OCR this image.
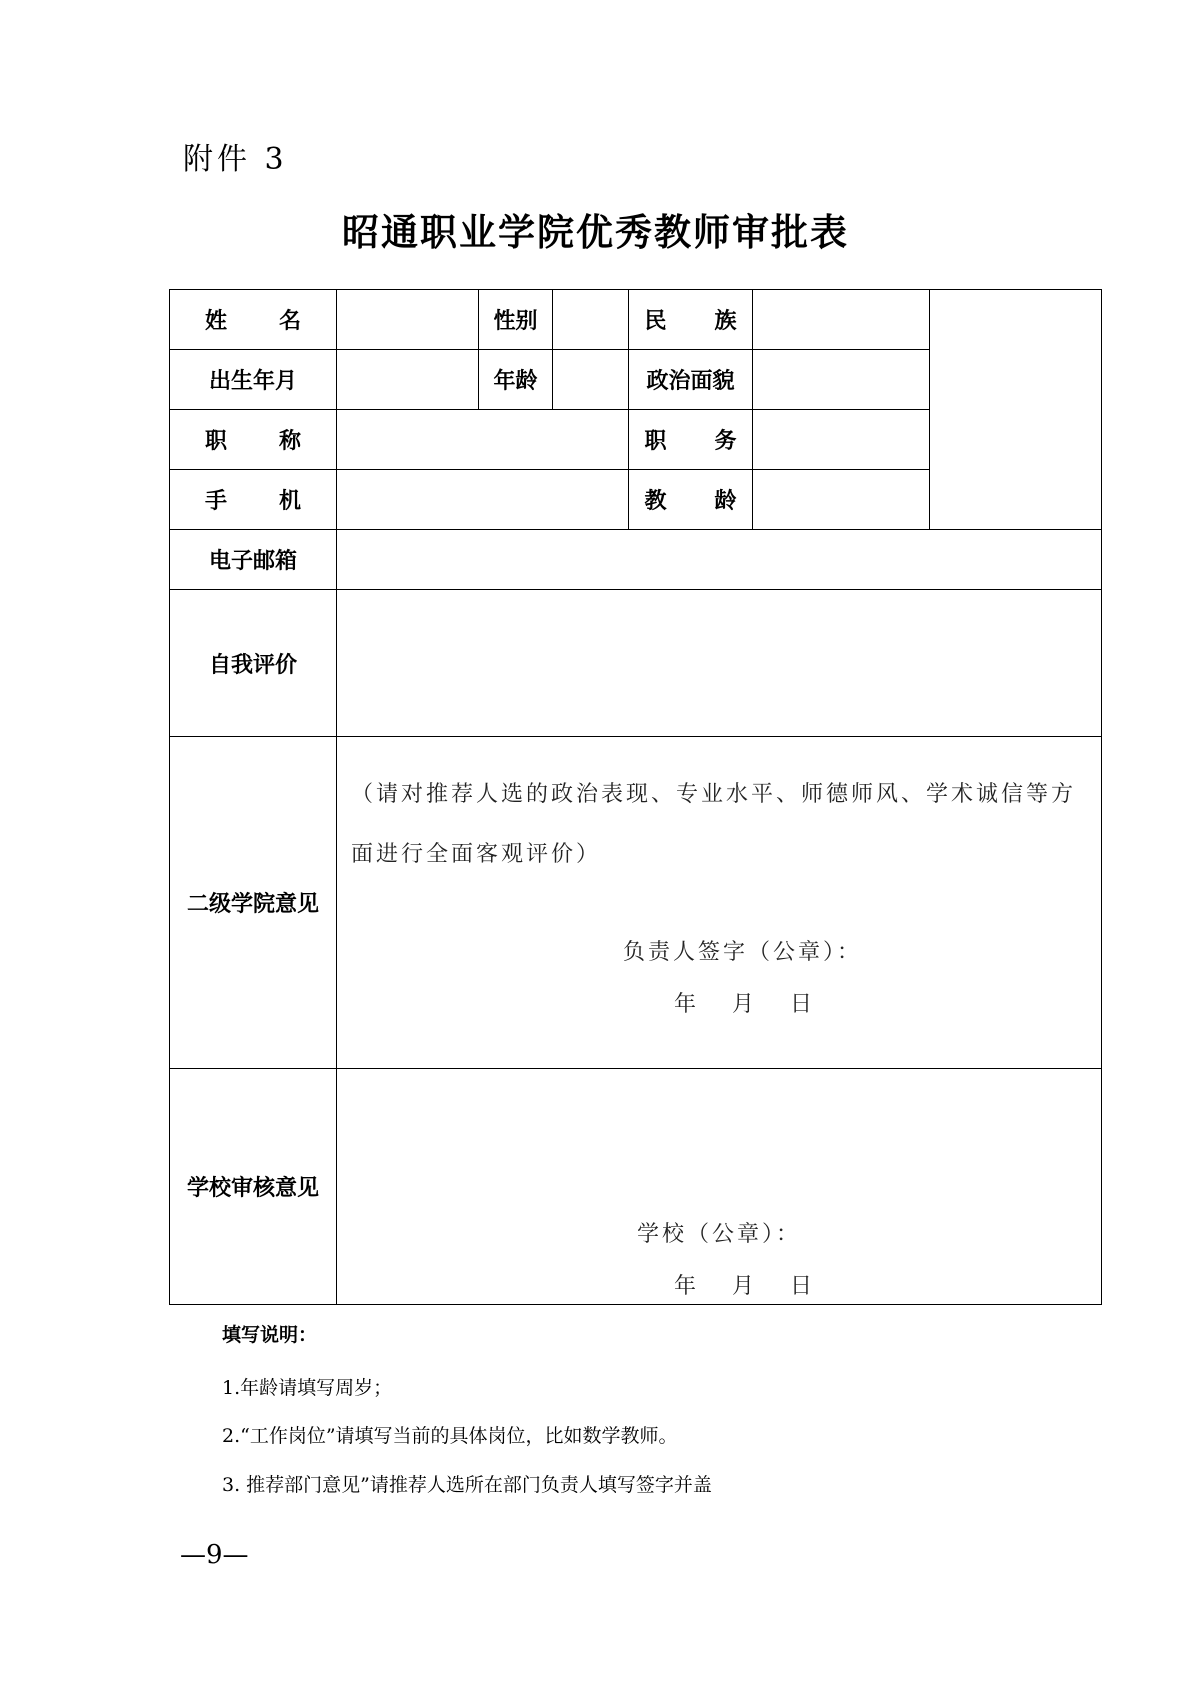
附件 3
昭通职业学院优秀教师审批表
姓 名		性别		民 族		

出生年月		年龄		政治面貌		

职 称				职 务		

手 机				教 龄		

电子邮箱						
自我评价						
二级学院意见	（请对推荐人选的政治表现、专业水平、师德师风、学术诚信等方面进行全面客观评价）
负责人签字（公章）：
年 月 日					

学校审核意见	学校（公章）：
年 月 日					
填写说明：
1.年龄请填写周岁；
2.“工作岗位”请填写当前的具体岗位，比如数学教师。
3. 推荐部门意见”请推荐人选所在部门负责人填写签字并盖
—9—
